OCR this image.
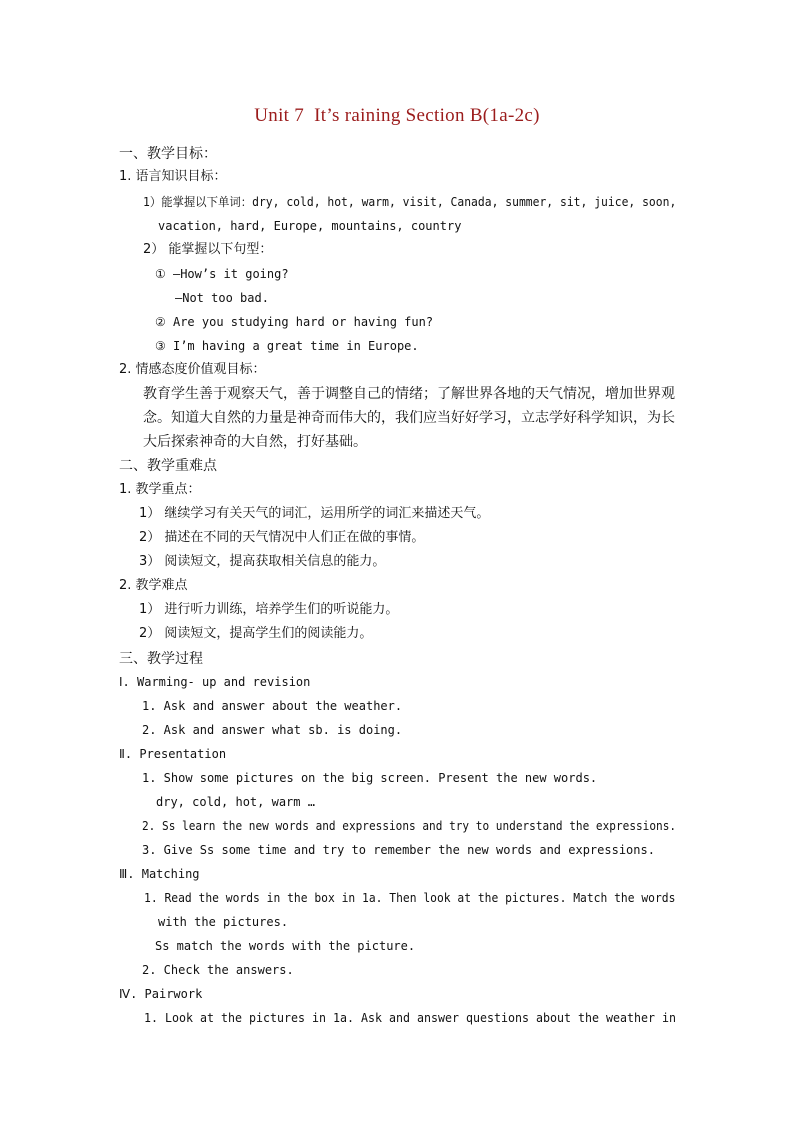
Unit 7  It’s raining Section B(1a-2c)
一、教学目标：
1. 语言知识目标：
1）能掌握以下单词：dry, cold, hot, warm, visit, Canada, summer, sit, juice, soon,
vacation, hard, Europe, mountains, country
2） 能掌握以下句型：
① —How’s it going?
—Not too bad.
② Are you studying hard or having fun?
③ I’m having a great time in Europe.
2. 情感态度价值观目标：
教育学生善于观察天气，善于调整自己的情绪；了解世界各地的天气情况，增加世界观
念。知道大自然的力量是神奇而伟大的，我们应当好好学习，立志学好科学知识，为长
大后探索神奇的大自然，打好基础。
二、教学重难点
1. 教学重点：
1） 继续学习有关天气的词汇，运用所学的词汇来描述天气。
2） 描述在不同的天气情况中人们正在做的事情。
3） 阅读短文，提高获取相关信息的能力。
2. 教学难点
1） 进行听力训练，培养学生们的听说能力。
2） 阅读短文，提高学生们的阅读能力。
三、教学过程
Ⅰ. Warming- up and revision
1. Ask and answer about the weather.
2. Ask and answer what sb. is doing.
Ⅱ. Presentation
1. Show some pictures on the big screen. Present the new words.
dry, cold, hot, warm …
2. Ss learn the new words and expressions and try to understand the expressions.
3. Give Ss some time and try to remember the new words and expressions.
Ⅲ. Matching
1. Read the words in the box in 1a. Then look at the pictures. Match the words
with the pictures.
Ss match the words with the picture.
2. Check the answers.
Ⅳ. Pairwork
1. Look at the pictures in 1a. Ask and answer questions about the weather in
